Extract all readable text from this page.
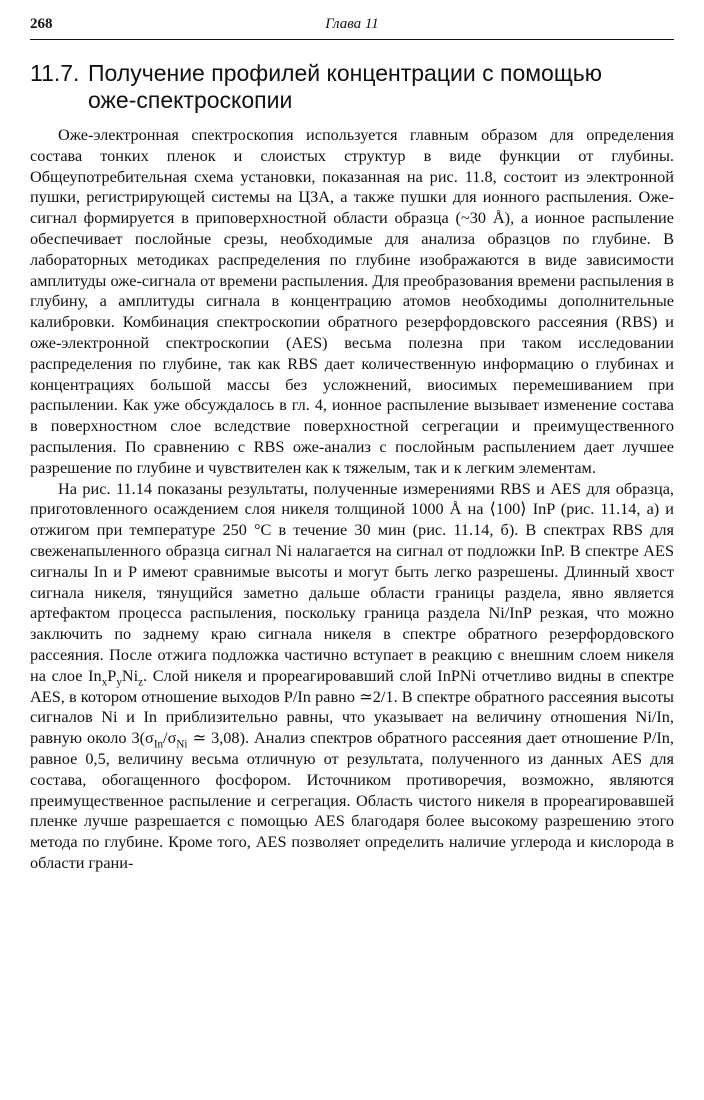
268	Глава 11
11.7. Получение профилей концентрации с помощью
оже-спектроскопии

Оже-электронная спектроскопия используется главным образом для определения состава тонких пленок и слоистых структур в виде функции от глубины. Общеупотребительная схема установки, показанная на рис. 11.8, состоит из электронной пушки, регистрирующей системы на ЦЗА, а также пушки для ионного распыления. Оже-сигнал формируется в приповерхностной области образца (~30 Å), а ионное распыление обеспечивает послойные срезы, необходимые для анализа образцов по глубине. В лабораторных методиках распределения по глубине изображаются в виде зависимости амплитуды оже-сигнала от времени распыления. Для преобразования времени распыления в глубину, а амплитуды сигнала в концентрацию атомов необходимы дополнительные калибровки. Комбинация спектроскопии обратного резерфордовского рассеяния (RBS) и оже-электронной спектроскопии (AES) весьма полезна при таком исследовании распределения по глубине, так как RBS дает количественную информацию о глубинах и концентрациях большой массы без усложнений, виосимых перемешиванием при распылении. Как уже обсуждалось в гл. 4, ионное распыление вызывает изменение состава в поверхностном слое вследствие поверхностной сегрегации и преимущественного распыления. По сравнению с RBS оже-анализ с послойным распылением дает лучшее разрешение по глубине и чувствителен как к тяжелым, так и к легким элементам.

На рис. 11.14 показаны результаты, полученные измерениями RBS и AES для образца, приготовленного осаждением слоя никеля толщиной 1000 Å на ⟨100⟩ InP (рис. 11.14, а) и отжигом при температуре 250 °С в течение 30 мин (рис. 11.14, б). В спектрах RBS для свеженапыленного образца сигнал Ni налагается на сигнал от подложки InP. В спектре AES сигналы In и P имеют сравнимые высоты и могут быть легко разрешены. Длинный хвост сигнала никеля, тянущийся заметно дальше области границы раздела, явно является артефактом процесса распыления, поскольку граница раздела Ni/InP резкая, что можно заключить по заднему краю сигнала никеля в спектре обратного резерфордовского рассеяния. После отжига подложка частично вступает в реакцию с внешним слоем никеля на слое $In_xP_yNi_z$. Слой никеля и прореагировавший слой InPNi отчетливо видны в спектре AES, в котором отношение выходов P/In равно ≃2/1. В спектре обратного рассеяния высоты сигналов Ni и In приблизительно равны, что указывает на величину отношения Ni/In, равную около $3(\sigma_{In}/\sigma_{Ni}$ ≃ 3,08). Анализ спектров обратного рассеяния дает отношение P/In, равное 0,5, величину весьма отличную от результата, полученного из данных AES для состава, обогащенного фосфором. Источником противоречия, возможно, являются преимущественное распыление и сегрегация. Область чистого никеля в прореагировавшей пленке лучше разрешается с помощью AES благодаря более высокому разрешению этого метода по глубине. Кроме того, AES позволяет определить наличие углерода и кислорода в области грани-
